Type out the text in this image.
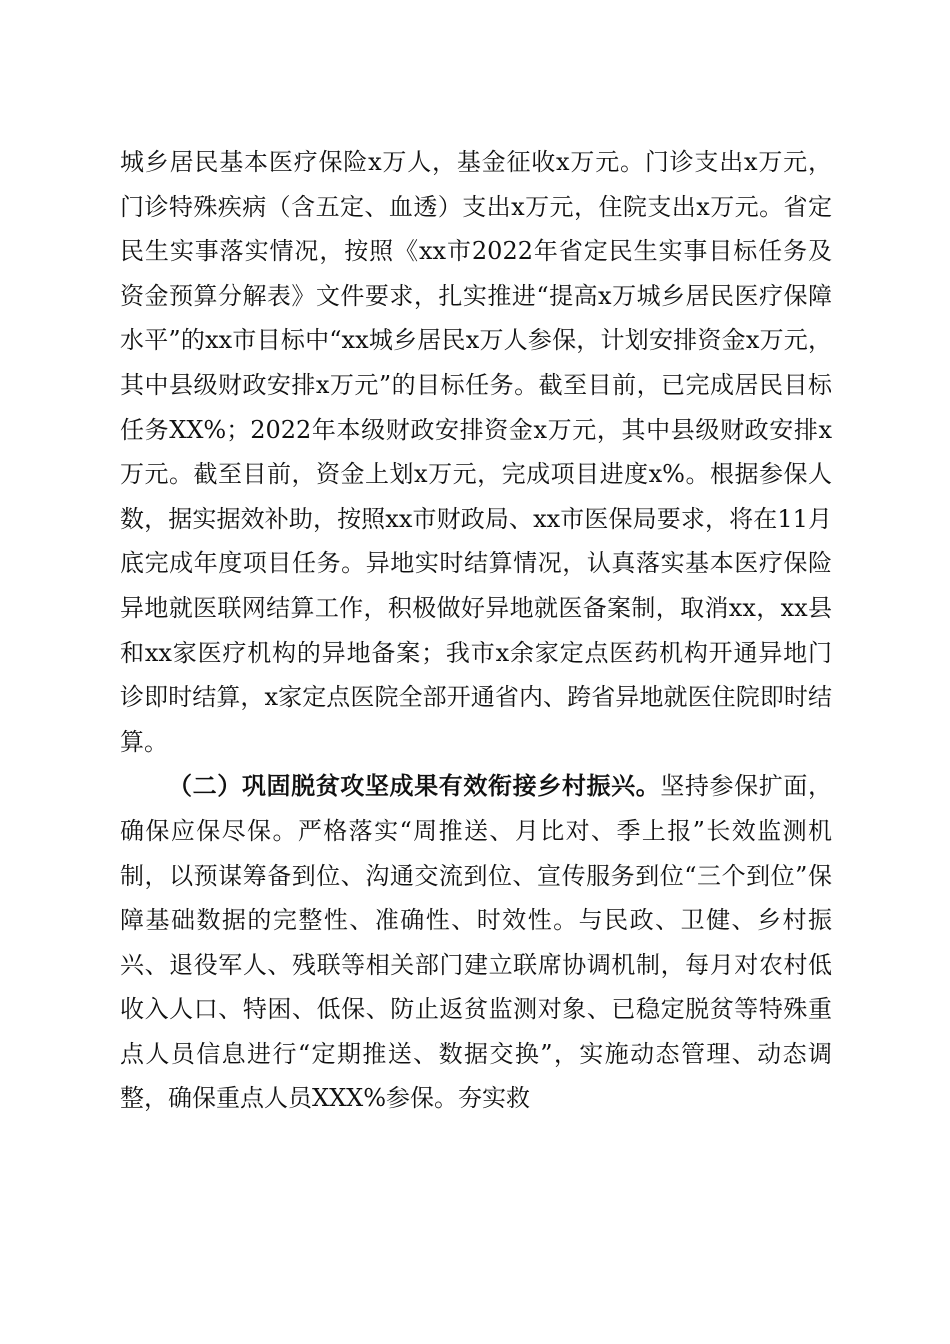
城乡居民基本医疗保险x万人，基金征收x万元。门诊支出x万元，门诊特殊疾病（含五定、血透）支出x万元，住院支出x万元。省定民生实事落实情况，按照《xx市2022年省定民生实事目标任务及资金预算分解表》文件要求，扎实推进“提高x万城乡居民医疗保障水平”的xx市目标中“xx城乡居民x万人参保，计划安排资金x万元，其中县级财政安排x万元”的目标任务。截至目前，已完成居民目标任务XX%；2022年本级财政安排资金x万元，其中县级财政安排x万元。截至目前，资金上划x万元，完成项目进度x%。根据参保人数，据实据效补助，按照xx市财政局、xx市医保局要求，将在11月底完成年度项目任务。异地实时结算情况，认真落实基本医疗保险异地就医联网结算工作，积极做好异地就医备案制，取消xx，xx县和xx家医疗机构的异地备案；我市x余家定点医药机构开通异地门诊即时结算，x家定点医院全部开通省内、跨省异地就医住院即时结算。

（二）巩固脱贫攻坚成果有效衔接乡村振兴。坚持参保扩面，确保应保尽保。严格落实“周推送、月比对、季上报”长效监测机制，以预谋筹备到位、沟通交流到位、宣传服务到位“三个到位”保障基础数据的完整性、准确性、时效性。与民政、卫健、乡村振兴、退役军人、残联等相关部门建立联席协调机制，每月对农村低收入人口、特困、低保、防止返贫监测对象、已稳定脱贫等特殊重点人员信息进行“定期推送、数据交换”，实施动态管理、动态调整，确保重点人员XXX%参保。夯实救
